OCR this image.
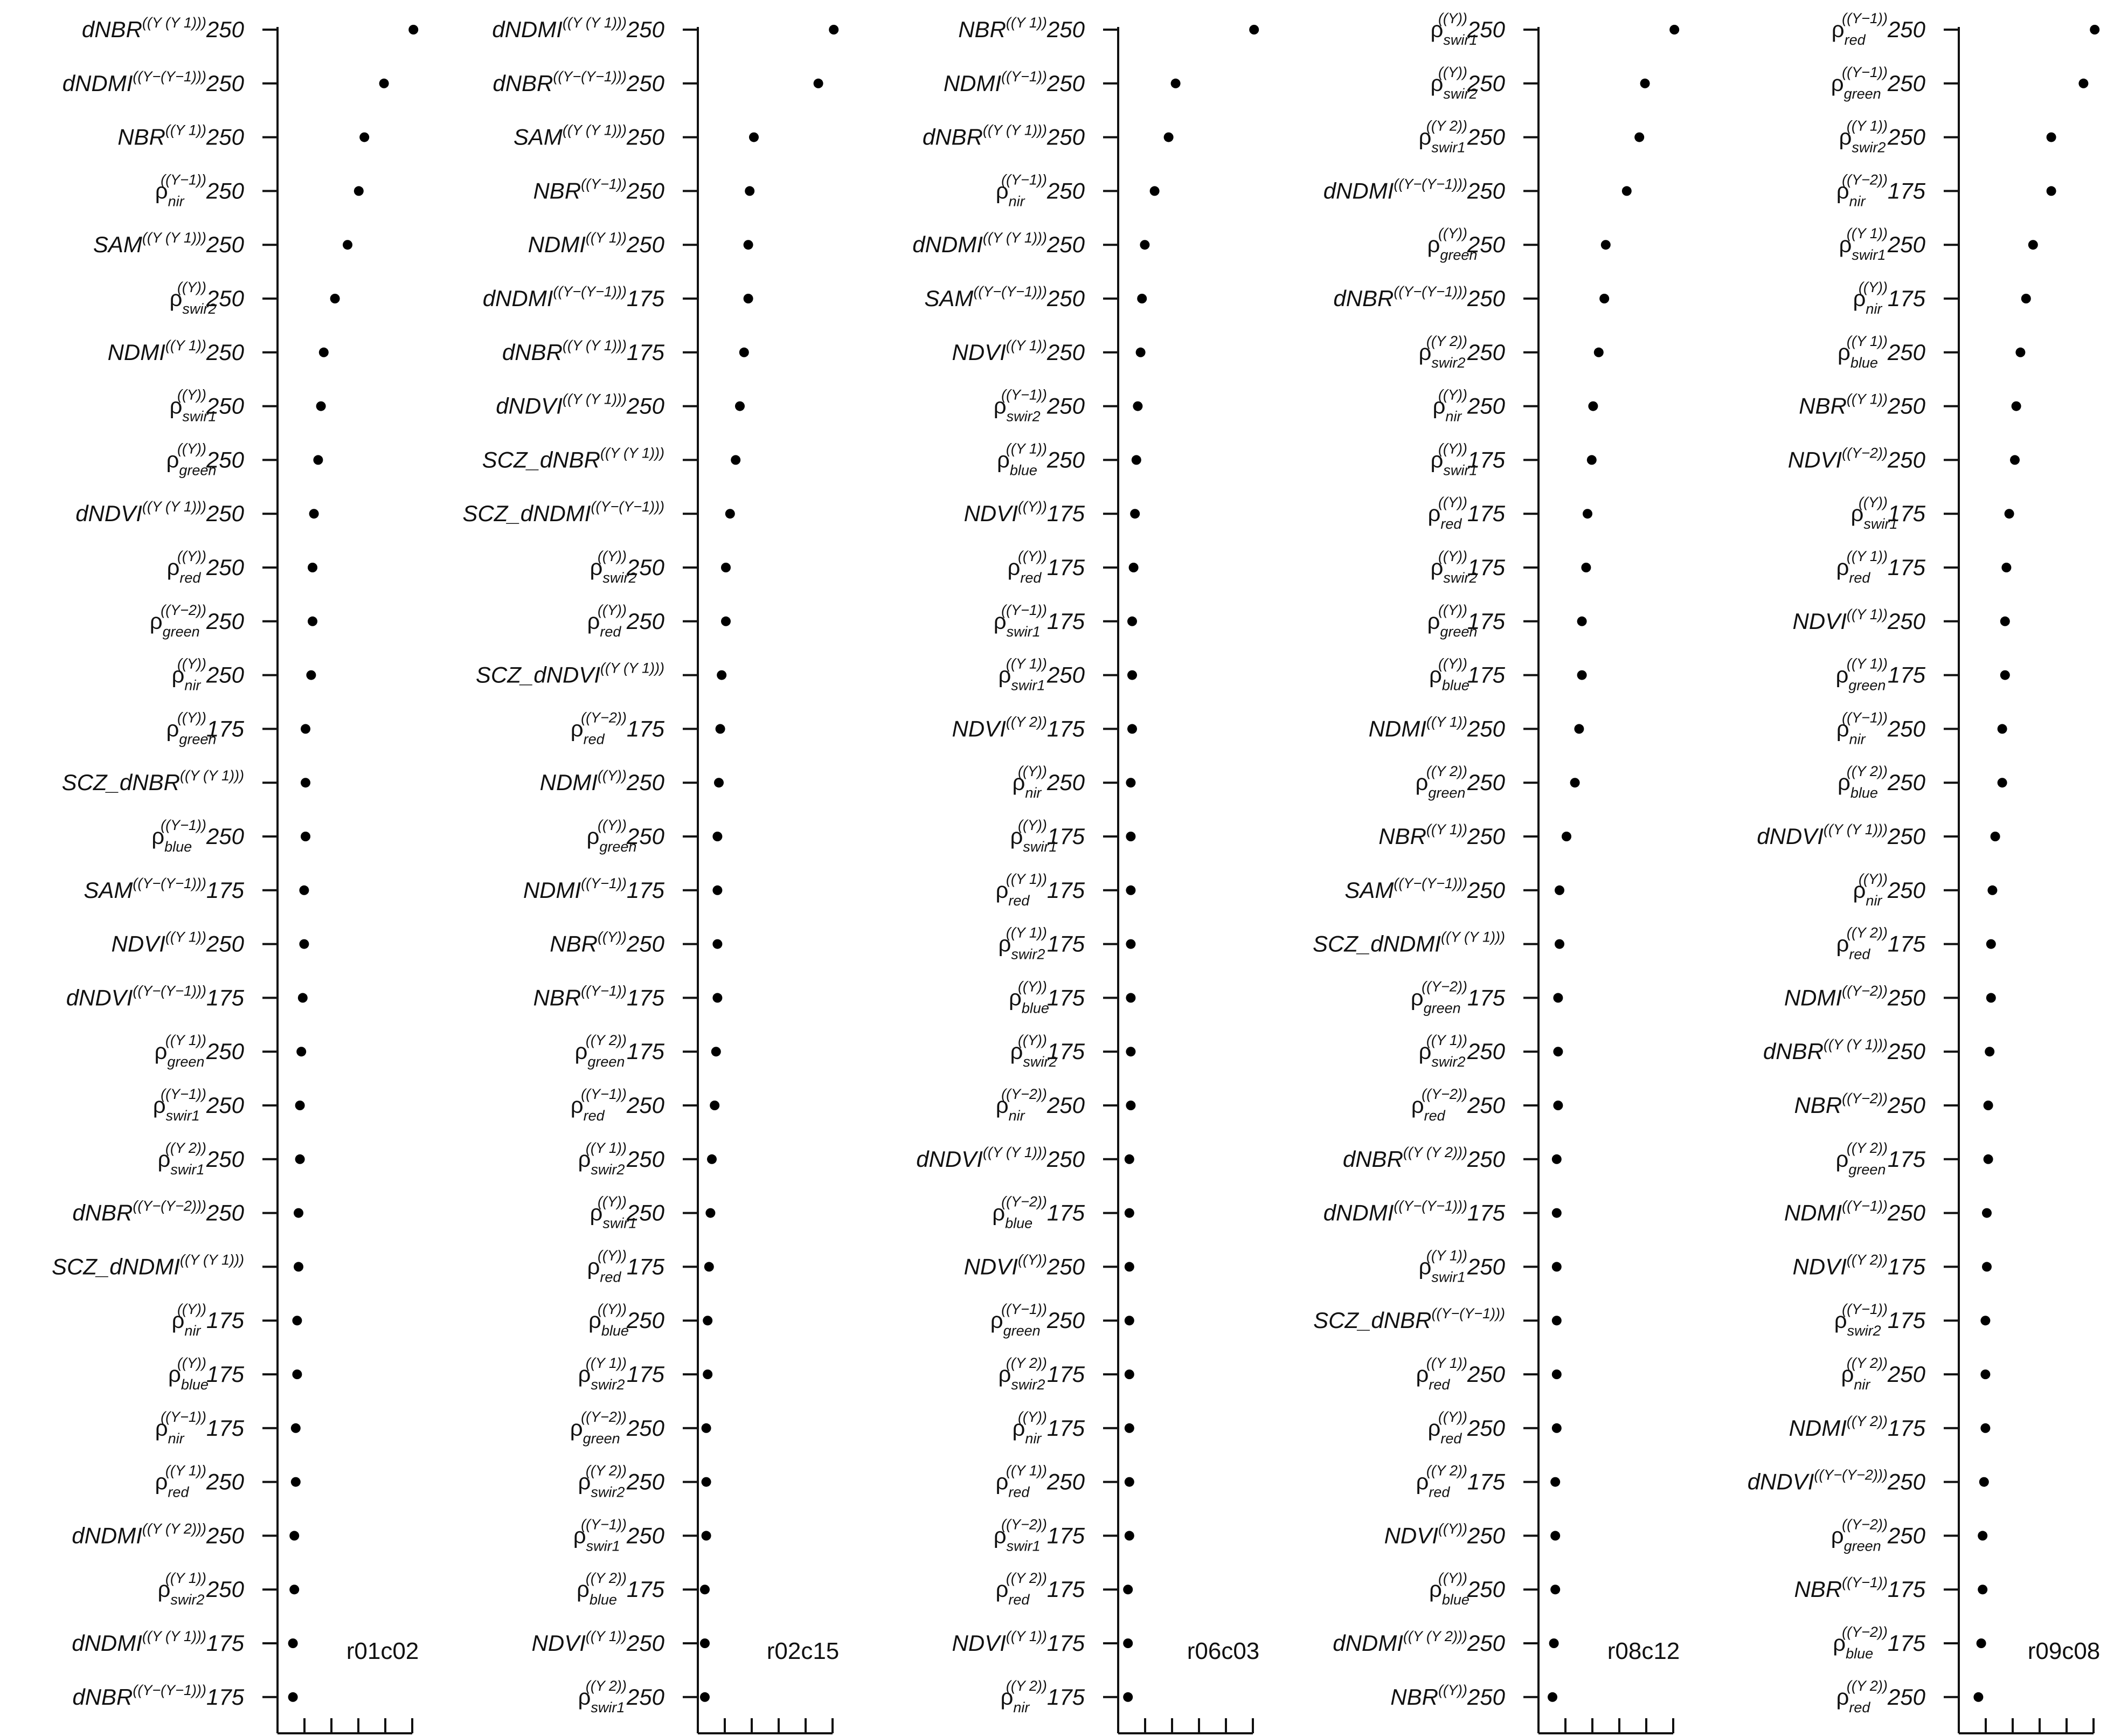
dNBR$^{((Y (Y 1)))}$250
dNDMI$^{((Y-(Y-1)))}$250
$NBR^{((Y 1))}250$
$\rho_{nir}((Y-1))250$
$SAM^{((Y (Y 1)))}250$
$\rho_{swir2}((Y))250$
$NDMI^{((Y 1))}250$
$\rho_{swir1}((Y))250$
$\rho_{green}((Y))250$
dNDVI$^{((Y (Y 1)))}$250
$\rho_{red}((Y))250$
$\rho_{green}((Y-2))250$
$\rho_{nir}((Y))250$
$\rho_{green}((Y))175$
SCZ_dNBR$^{((Y (Y 1)))}$
$\rho_{blue}((Y-1))250$
$SAM^{((Y-(Y-1)))}175$
$NDVI^{((Y 1))}250$
dNDVI$^{((Y-(Y-1)))}$175
$\rho_{green}((Y$ 1))250
$\rho_{swir1}((Y-1))250$
$\rho_{swir1}((Y$ 2))250
dNBR$^{((Y-(Y-2)))}$250
SCZ_dNDMI$^{((Y (Y 1)))}$
$\rho_{nir}((Y))175$
$\rho_{blue}((Y))175$
$\rho_{nir}((Y-1))175$
$\rho_{red}((Y$ 1))250
dNDMI$^{((Y (Y 2)))}$250
$\rho_{swir2}((Y$ 1))250
dNDMI$^{((Y (Y 1)))}$175
dNBR$^{((Y-(Y-1)))}$175
r01c02
dNDMI$^{((Y (Y 1)))}$250
dNBR$^{((Y-(Y-1)))}$250
$SAM^{((Y (Y 1)))}250$
$NBR^{((Y-1))}250$
$NDMI^{((Y 1))}250$
dNDMI$^{((Y-(Y-1)))}$175
dNBR$^{((Y (Y 1)))}$175
dNDVI$^{((Y (Y 1)))}$250
SCZ_dNBR$^{((Y (Y 1)))}$
SCZ_dNDMI$^{((Y-(Y-1)))}$
$\rho_{swir2}((Y))250$
$\rho_{red}((Y))250$
SCZ_dNDVI$^{((Y (Y 1)))}$
$\rho_{red}((Y-2))175$
$NDMI^{((Y))}250$
$\rho_{green}((Y))250$
$NDMI^{((Y-1))}175$
$NBR^{((Y))}250$
$NBR^{((Y-1))}175$
$\rho_{green}((Y$ 2))175
$\rho_{red}((Y-1))250$
$\rho_{swir2}((Y$ 1))250
$\rho_{swir1}((Y))250$
$\rho_{red}((Y))175$
$\rho_{blue}((Y))250$
$\rho_{swir2}((Y$ 1))175
$\rho_{green}((Y-2))250$
$\rho_{swir2}((Y$ 2))250
$\rho_{swir1}((Y-1))250$
$\rho_{blue}((Y$ 2))175
$NDVI^{((Y 1))}250$
$\rho_{swir1}((Y$ 2))250
r02c15
$NBR^{((Y 1))}250$
$NDMI^{((Y-1))}250$
dNBR$^{((Y (Y 1)))}$250
$\rho_{nir}((Y-1))250$
dNDMI$^{((Y (Y 1)))}$250
$SAM^{((Y-(Y-1)))}250$
$NDVI^{((Y 1))}250$
$\rho_{swir2}((Y-1))250$
$\rho_{blue}((Y$ 1))250
$NDVI^{((Y))}175$
$\rho_{red}((Y))175$
$\rho_{swir1}((Y-1))175$
$\rho_{swir1}((Y$ 1))250
$NDVI^{((Y 2))}175$
$\rho_{nir}((Y))250$
$\rho_{swir1}((Y))175$
$\rho_{red}((Y$ 1))175
$\rho_{swir2}((Y$ 1))175
$\rho_{blue}((Y))175$
$\rho_{swir2}((Y))175$
$\rho_{nir}((Y-2))250$
dNDVI$^{((Y (Y 1)))}$250
$\rho_{blue}((Y-2))175$
$NDVI^{((Y))}250$
$\rho_{green}((Y-1))250$
$\rho_{swir2}((Y$ 2))175
$\rho_{nir}((Y))175$
$\rho_{red}((Y$ 1))250
$\rho_{swir1}((Y-2))175$
$\rho_{red}((Y$ 2))175
$NDVI^{((Y 1))}175$
$\rho_{nir}((Y$ 2))175
r06c03
$\rho_{swir1}((Y))250$
$\rho_{swir2}((Y))250$
$\rho_{swir1}((Y$ 2))250
dNDMI$^{((Y-(Y-1)))}$250
$\rho_{green}((Y))250$
dNBR$^{((Y-(Y-1)))}$250
$\rho_{swir2}((Y$ 2))250
$\rho_{nir}((Y))250$
$\rho_{swir1}((Y))175$
$\rho_{red}((Y))175$
$\rho_{swir2}((Y))175$
$\rho_{green}((Y))175$
$\rho_{blue}((Y))175$
$NDMI^{((Y 1))}250$
$\rho_{green}((Y$ 2))250
$NBR^{((Y 1))}250$
$SAM^{((Y-(Y-1)))}250$
SCZ_dNDMI$^{((Y (Y 1)))}$
$\rho_{green}((Y-2))175$
$\rho_{swir2}((Y$ 1))250
$\rho_{red}((Y-2))250$
dNBR$^{((Y (Y 2)))}$250
dNDMI$^{((Y-(Y-1)))}$175
$\rho_{swir1}((Y$ 1))250
SCZ_dNBR$^{((Y-(Y-1)))}$
$\rho_{red}((Y$ 1))250
$\rho_{red}((Y))250$
$\rho_{red}((Y$ 2))175
$NDVI^{((Y))}250$
$\rho_{blue}((Y))250$
dNDMI$^{((Y (Y 2)))}$250
$NBR^{((Y))}250$
r08c12
$\rho_{red}((Y-1))250$
$\rho_{green}((Y-1))250$
$\rho_{swir2}((Y$ 1))250
$\rho_{nir}((Y-2))175$
$\rho_{swir1}((Y$ 1))250
$\rho_{nir}((Y))175$
$\rho_{blue}((Y$ 1))250
$NBR^{((Y 1))}250$
$NDVI^{((Y-2))}250$
$\rho_{swir1}((Y))175$
$\rho_{red}((Y$ 1))175
$NDVI^{((Y 1))}250$
$\rho_{green}((Y$ 1))175
$\rho_{nir}((Y-1))250$
$\rho_{blue}((Y$ 2))250
dNDVI$^{((Y (Y 1)))}$250
$\rho_{nir}((Y))250$
$\rho_{red}((Y$ 2))175
$NDMI^{((Y-2))}250$
dNBR$^{((Y (Y 1)))}$250
$NBR^{((Y-2))}250$
$\rho_{green}((Y$ 2))175
$NDMI^{((Y-1))}250$
$NDVI^{((Y 2))}175$
$\rho_{swir2}((Y-1))175$
$\rho_{nir}((Y$ 2))250
$NDMI^{((Y 2))}175$
dNDVI$^{((Y-(Y-2)))}$250
$\rho_{green}((Y-2))250$
$NBR^{((Y-1))}175$
$\rho_{blue}((Y-2))175$
$\rho_{red}((Y$ 2))250
r09c08
